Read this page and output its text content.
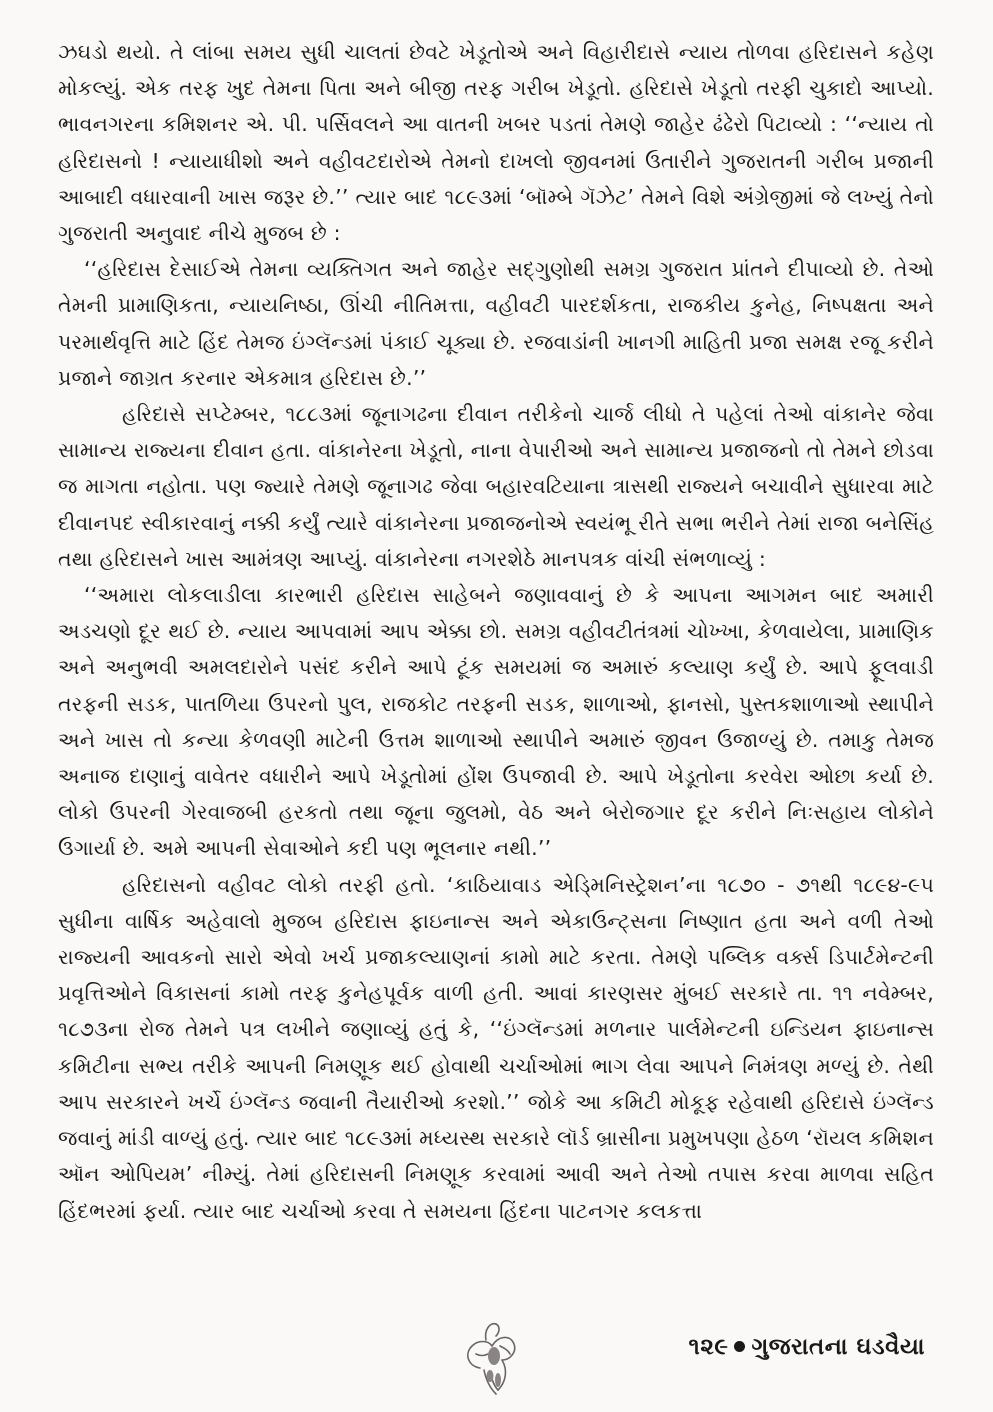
ઝઘડો થયો. તે લાંબા સમય સુધી ચાલતાં છેવટે ખેડૂતોએ અને વિહારીદાસે ન્યાય તોળવા હરિદાસને કહેણ મોકલ્યું. એક તરફ ખુદ તેમના પિતા અને બીજી તરફ ગરીબ ખેડૂતો. હરિદાસે ખેડૂતો તરફી ચુકાદો આપ્યો. ભાવનગરના કમિશનર એ. પી. પર્સિવલને આ વાતની ખબર પડતાં તેમણે જાહેર ઢંઢેરો પિટાવ્યો : ‘‘ન્યાય તો હરિદાસનો ! ન્યાયાધીશો અને વહીવટદારોએ તેમનો દાખલો જીવનમાં ઉતારીને ગુજરાતની ગરીબ પ્રજાની આબાદી વધારવાની ખાસ જરૂર છે.’’ ત્યાર બાદ ૧૮૯૩માં ‘બૉમ્બે ગૅઝેટ’ તેમને વિશે અંગ્રેજીમાં જે લખ્યું તેનો ગુજરાતી અનુવાદ નીચે મુજબ છે :

‘‘હરિદાસ દેસાઈએ તેમના વ્યક્તિગત અને જાહેર સદ્ગુણોથી સમગ્ર ગુજરાત પ્રાંતને દીપાવ્યો છે. તેઓ તેમની પ્રામાણિકતા, ન્યાયનિષ્ઠા, ઊંચી નીતિમત્તા, વહીવટી પારદર્શકતા, રાજકીય કુનેહ, નિષ્પક્ષતા અને પરમાર્થવૃત્તિ માટે હિંદ તેમજ ઇંગ્લૅન્ડમાં પંકાઈ ચૂક્યા છે. રજવાડાંની ખાનગી માહિતી પ્રજા સમક્ષ રજૂ કરીને પ્રજાને જાગ્રત કરનાર એકમાત્ર હરિદાસ છે.’’

હરિદાસે સપ્ટેમ્બર, ૧૮૮૩માં જૂનાગઢના દીવાન તરીકેનો ચાર્જ લીધો તે પહેલાં તેઓ વાંકાનેર જેવા સામાન્ય રાજ્યના દીવાન હતા. વાંકાનેરના ખેડૂતો, નાના વેપારીઓ અને સામાન્ય પ્રજાજનો તો તેમને છોડવા જ માગતા નહોતા. પણ જ્યારે તેમણે જૂનાગઢ જેવા બહારવટિયાના ત્રાસથી રાજ્યને બચાવીને સુધારવા માટે દીવાનપદ સ્વીકારવાનું નક્કી કર્યું ત્યારે વાંકાનેરના પ્રજાજનોએ સ્વયંભૂ રીતે સભા ભરીને તેમાં રાજા બનેસિંહ તથા હરિદાસને ખાસ આમંત્રણ આપ્યું. વાંકાનેરના નગરશેઠે માનપત્રક વાંચી સંભળાવ્યું :

‘‘અમારા લોકલાડીલા કારભારી હરિદાસ સાહેબને જણાવવાનું છે કે આપના આગમન બાદ અમારી અડચણો દૂર થઈ છે. ન્યાય આપવામાં આપ એક્કા છો. સમગ્ર વહીવટીતંત્રમાં ચોખ્ખા, કેળવાયેલા, પ્રામાણિક અને અનુભવી અમલદારોને પસંદ કરીને આપે ટૂંક સમયમાં જ અમારું કલ્યાણ કર્યું છે. આપે ફૂલવાડી તરફની સડક, પાતળિયા ઉપરનો પુલ, રાજકોટ તરફની સડક, શાળાઓ, ફાનસો, પુસ્તકશાળાઓ સ્થાપીને અને ખાસ તો કન્યા કેળવણી માટેની ઉત્તમ શાળાઓ સ્થાપીને અમારું જીવન ઉજાળ્યું છે. તમાકુ તેમજ અનાજ દાણાનું વાવેતર વધારીને આપે ખેડૂતોમાં હોંશ ઉપજાવી છે. આપે ખેડૂતોના કરવેરા ઓછા કર્યા છે. લોકો ઉપરની ગેરવાજબી હરકતો તથા જૂના જુલમો, વેઠ અને બેરોજગાર દૂર કરીને નિઃસહાય લોકોને ઉગાર્યા છે. અમે આપની સેવાઓને કદી પણ ભૂલનાર નથી.’’

હરિદાસનો વહીવટ લોકો તરફી હતો. ‘કાઠિયાવાડ એડ્મિનિસ્ટ્રેશન’ના ૧૮૭૦ - ૭૧થી ૧૮૯૪-૯૫ સુધીના વાર્ષિક અહેવાલો મુજબ હરિદાસ ફાઇનાન્સ અને એકાઉન્ટ્સના નિષ્ણાત હતા અને વળી તેઓ રાજ્યની આવકનો સારો એવો ખર્ચ પ્રજાકલ્યાણનાં કામો માટે કરતા. તેમણે પબ્લિક વર્ક્સ ડિપાર્ટમેન્ટની પ્રવૃત્તિઓને વિકાસનાં કામો તરફ કુનેહપૂર્વક વાળી હતી. આવાં કારણસર મુંબઈ સરકારે તા. ૧૧ નવેમ્બર, ૧૮૭૩ના રોજ તેમને પત્ર લખીને જણાવ્યું હતું કે, ‘‘ઇંગ્લૅન્ડમાં મળનાર પાર્લમેન્ટની ઇન્ડિયન ફાઇનાન્સ કમિટીના સભ્ય તરીકે આપની નિમણૂક થઈ હોવાથી ચર્ચાઓમાં ભાગ લેવા આપને નિમંત્રણ મળ્યું છે. તેથી આપ સરકારને ખર્ચે ઇંગ્લૅન્ડ જવાની તૈયારીઓ કરશો.’’ જોકે આ કમિટી મોકૂફ રહેવાથી હરિદાસે ઇંગ્લૅન્ડ જવાનું માંડી વાળ્યું હતું. ત્યાર બાદ ૧૮૯૩માં મધ્યસ્થ સરકારે લૉર્ડ બ્રાસીના પ્રમુખપણા હેઠળ ‘રૉયલ કમિશન ઑન ઓપિયમ’ નીમ્યું. તેમાં હરિદાસની નિમણૂક કરવામાં આવી અને તેઓ તપાસ કરવા માળવા સહિત હિંદભરમાં ફર્યા. ત્યાર બાદ ચર્ચાઓ કરવા તે સમયના હિંદના પાટનગર કલકત્તા

૧૨૯ ગુજરાતના ઘડવૈયા
